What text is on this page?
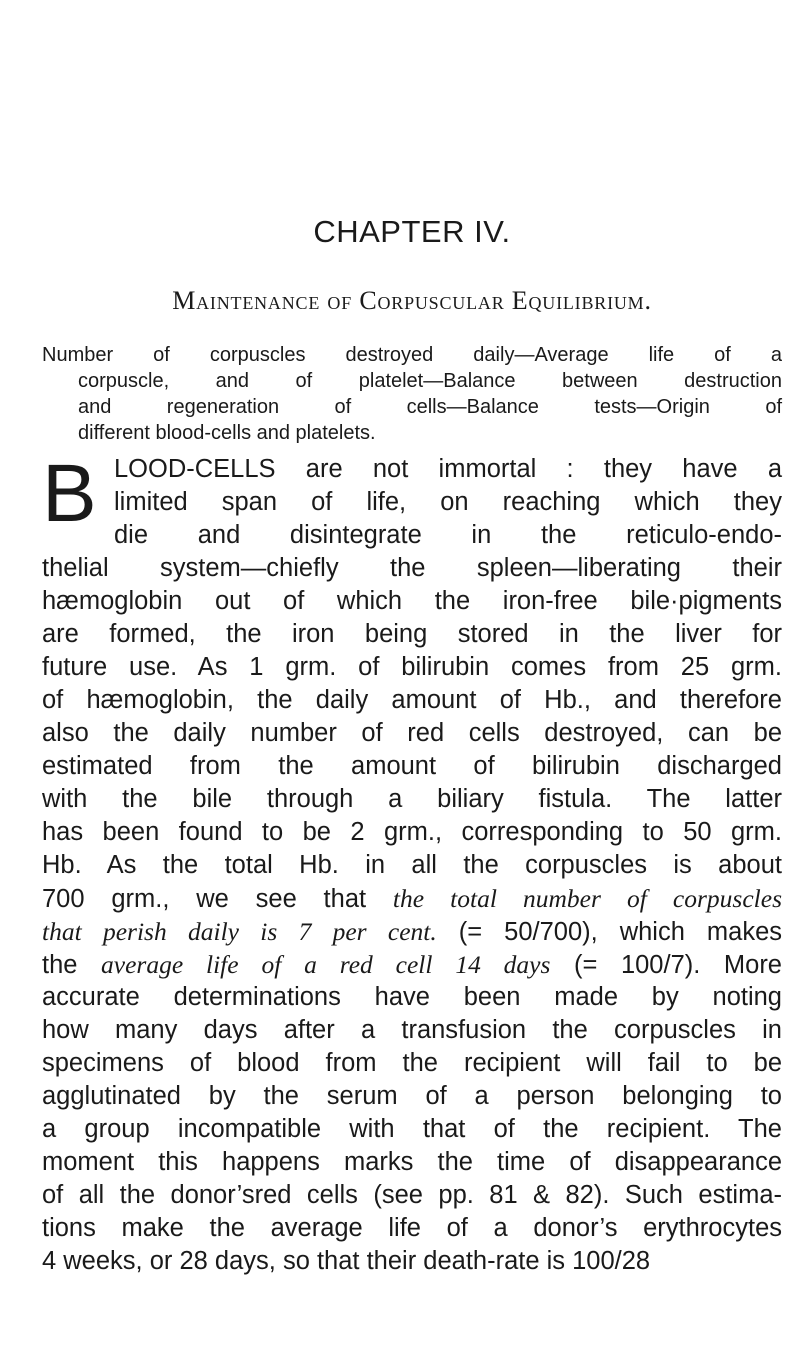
CHAPTER IV.
Maintenance of Corpuscular Equilibrium.
Number of corpuscles destroyed daily—Average life of a
corpuscle, and of platelet—Balance between destruction
and regeneration of cells—Balance tests—Origin of
different blood-cells and platelets.
B LOOD-CELLS are not immortal : they have a
limited span of life, on reaching which they
die and disintegrate in the reticulo-endo-
thelial system—chiefly the spleen—liberating their
hæmoglobin out of which the iron-free bile·pigments
are formed, the iron being stored in the liver for
future use. As 1 grm. of bilirubin comes from 25 grm.
of hæmoglobin, the daily amount of Hb., and therefore
also the daily number of red cells destroyed, can be
estimated from the amount of bilirubin discharged
with the bile through a biliary fistula. The latter
has been found to be 2 grm., corresponding to 50 grm.
Hb. As the total Hb. in all the corpuscles is about
700 grm., we see that the total number of corpuscles
that perish daily is 7 per cent. (= 50/700), which makes
the average life of a red cell 14 days (= 100/7). More
accurate determinations have been made by noting
how many days after a transfusion the corpuscles in
specimens of blood from the recipient will fail to be
agglutinated by the serum of a person belonging to
a group incompatible with that of the recipient. The
moment this happens marks the time of disappearance
of all the donor’sred cells (see pp. 81 & 82). Such estima-
tions make the average life of a donor’s erythrocytes
4 weeks, or 28 days, so that their death-rate is 100/28
